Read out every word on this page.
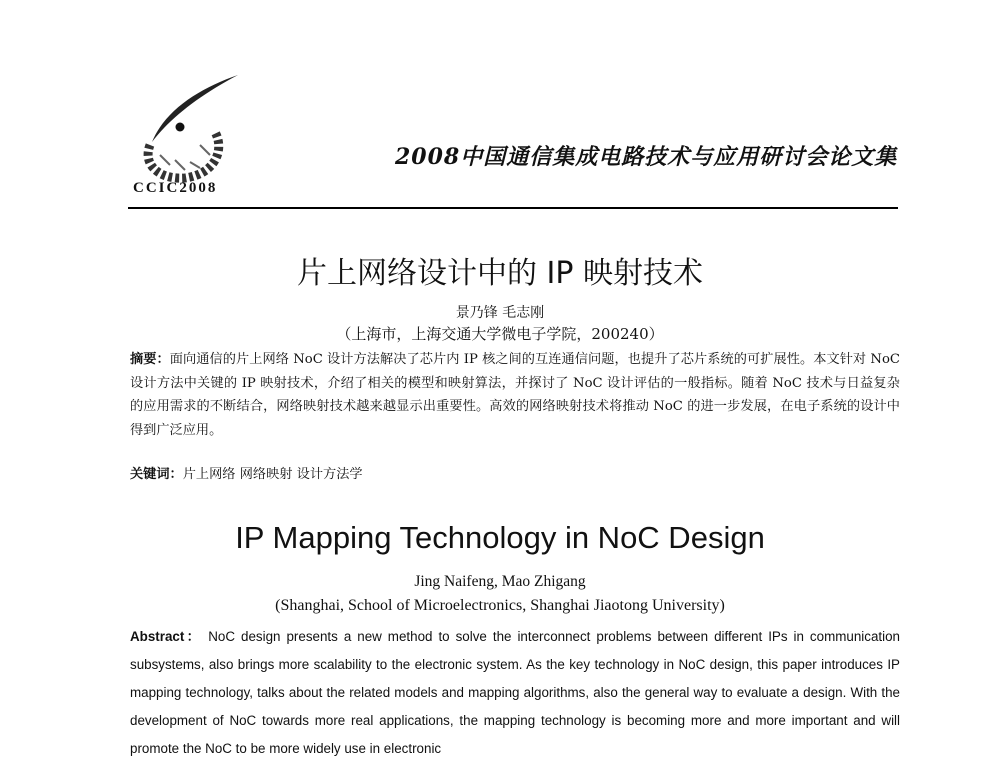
CCIC2008
2008中国通信集成电路技术与应用研讨会论文集
片上网络设计中的 IP 映射技术
景乃锋 毛志刚
（上海市，上海交通大学微电子学院，200240）
摘要：面向通信的片上网络 NoC 设计方法解决了芯片内 IP 核之间的互连通信问题，也提升了芯片系统的可扩展性。本文针对 NoC 设计方法中关键的 IP 映射技术，介绍了相关的模型和映射算法，并探讨了 NoC 设计评估的一般指标。随着 NoC 技术与日益复杂的应用需求的不断结合，网络映射技术越来越显示出重要性。高效的网络映射技术将推动 NoC 的进一步发展，在电子系统的设计中得到广泛应用。
关键词：片上网络 网络映射 设计方法学
IP Mapping Technology in NoC Design
Jing Naifeng, Mao Zhigang
(Shanghai, School of Microelectronics, Shanghai Jiaotong University)
Abstract： NoC design presents a new method to solve the interconnect problems between different IPs in communication subsystems, also brings more scalability to the electronic system. As the key technology in NoC design, this paper introduces IP mapping technology, talks about the related models and mapping algorithms, also the general way to evaluate a design. With the development of NoC towards more real applications, the mapping technology is becoming more and more important and will promote the NoC to be more widely use in electronic
